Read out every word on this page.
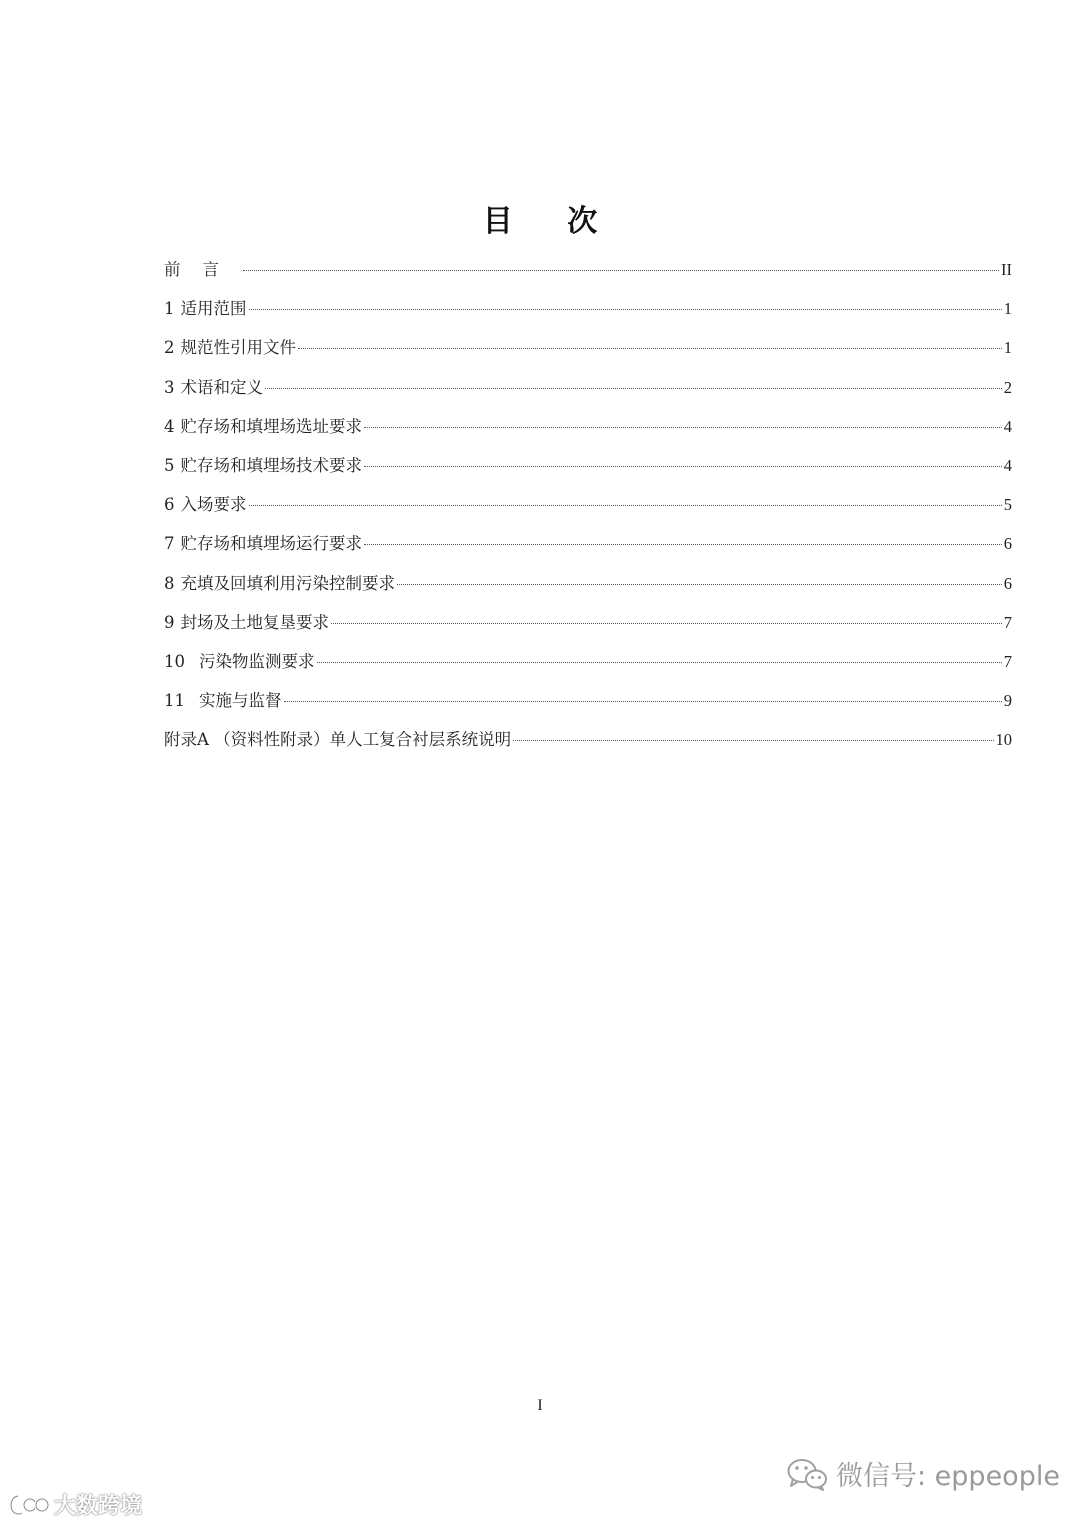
目 次
前言	II
1 适用范围	1
2 规范性引用文件	1
3 术语和定义	2
4 贮存场和填埋场选址要求	4
5 贮存场和填埋场技术要求	4
6 入场要求	5
7 贮存场和填埋场运行要求	6
8 充填及回填利用污染控制要求	6
9 封场及土地复垦要求	7
10 污染物监测要求	7
11 实施与监督	9
附录A （资料性附录）单人工复合衬层系统说明	10
I
微信号: eppeople
大数跨境
